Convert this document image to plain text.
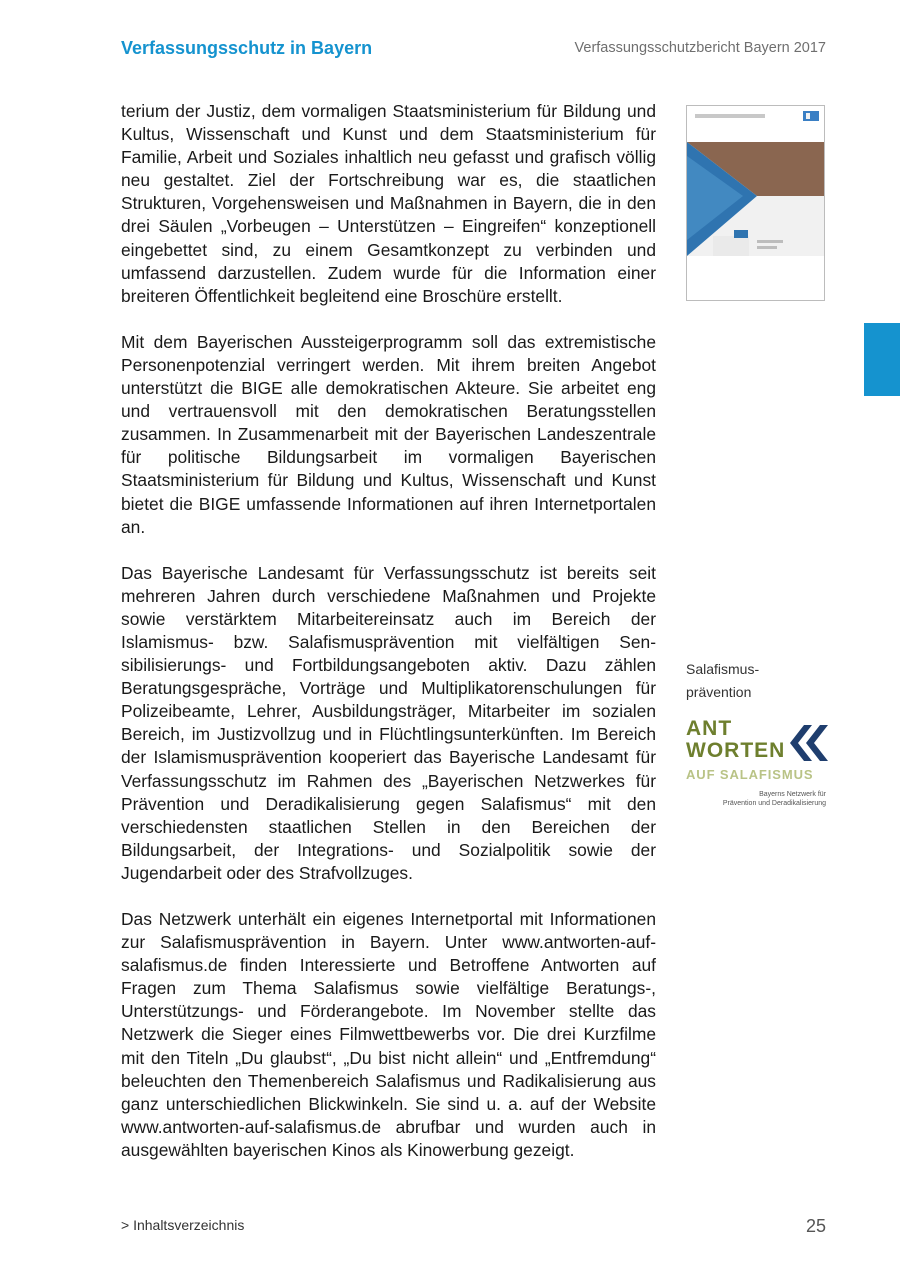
Verfassungsschutz in Bayern	Verfassungsschutzbericht Bayern 2017

terium der Justiz, dem vormaligen Staatsministerium für Bildung und Kultus, Wissenschaft und Kunst und dem Staatsministerium für Familie, Arbeit und Soziales inhaltlich neu gefasst und grafisch völlig neu gestaltet. Ziel der Fortschreibung war es, die staatlichen Strukturen, Vorgehensweisen und Maßnahmen in Bayern, die in den drei Säulen „Vorbeugen – Unterstützen – Eingreifen“ konzeptionell eingebettet sind, zu einem Gesamtkonzept zu verbinden und umfassend darzustellen. Zudem wurde für die Information einer breiteren Öffentlichkeit begleitend eine Broschüre erstellt.

Mit dem Bayerischen Aussteigerprogramm soll das extremistische Personenpotenzial verringert werden. Mit ihrem breiten Angebot unterstützt die BIGE alle demokratischen Akteure. Sie arbeitet eng und vertrauensvoll mit den demokratischen Beratungsstellen zusammen. In Zusammenarbeit mit der Bayerischen Landeszentrale für politische Bildungsarbeit im vormaligen Bayerischen Staatsministerium für Bildung und Kultus, Wissenschaft und Kunst bietet die BIGE umfassende Informationen auf ihren Internetportalen an.

Das Bayerische Landesamt für Verfassungsschutz ist bereits seit mehreren Jahren durch verschiedene Maßnahmen und Projekte sowie verstärktem Mitarbeitereinsatz auch im Bereich der Islamismus- bzw. Salafismusprävention mit vielfältigen Sensibilisierungs- und Fortbildungsangeboten aktiv. Dazu zählen Beratungsgespräche, Vorträge und Multiplikatorenschulungen für Polizeibeamte, Lehrer, Ausbildungsträger, Mitarbeiter im sozialen Bereich, im Justizvollzug und in Flüchtlingsunterkünften. Im Bereich der Islamismusprävention kooperiert das Bayerische Landesamt für Verfassungsschutz im Rahmen des „Bayerischen Netzwerkes für Prävention und Deradikalisierung gegen Salafismus“ mit den verschiedensten staatlichen Stellen in den Bereichen der Bildungsarbeit, der Integrations- und Sozialpolitik sowie der Jugendarbeit oder des Strafvollzuges.

Das Netzwerk unterhält ein eigenes Internetportal mit Informationen zur Salafismusprävention in Bayern. Unter www.​antworten-auf-salafismus.de finden Interessierte und Betroffene Antworten auf Fragen zum Thema Salafismus sowie vielfältige Beratungs-, Unterstützungs- und Förderangebote. Im November stellte das Netzwerk die Sieger eines Filmwettbewerbs vor. Die drei Kurzfilme mit den Titeln „Du glaubst“, „Du bist nicht allein“ und „Entfremdung“ beleuchten den Themenbereich Salafismus und Radikalisierung aus ganz unterschiedlichen Blickwinkeln. Sie sind u. a. auf der Website www.antworten-auf-salafismus.de abrufbar und wurden auch in ausgewählten bayerischen Kinos als Kinowerbung gezeigt.

Salafismus-
prävention
ANT
WORTEN
AUF SALAFISMUS
Bayerns Netzwerk für
Prävention und Deradikalisierung
> Inhaltsverzeichnis	25
